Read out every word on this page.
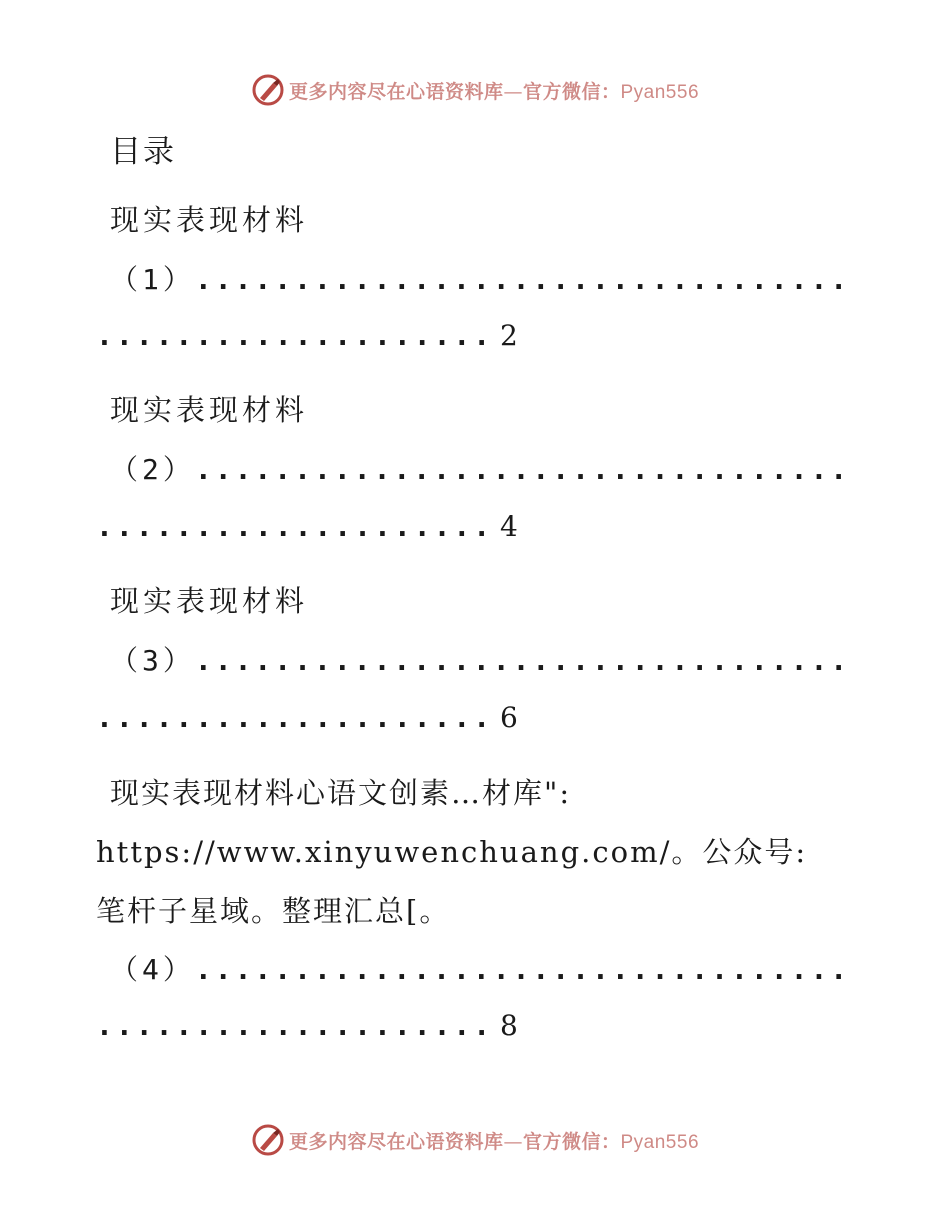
更多内容尽在心语资料库—官方微信：Pyan556
目录
现实表现材料
（1）
.....
.....
2
现实表现材料
（2）
.....
.....
4
现实表现材料
（3）
.....
.....
6
现实表现材料心语文创素…材库": https://www.xinyuwenchuang.com/。公众号: 笔杆子星域。整理汇总[。
（4）
.....
.....
8
更多内容尽在心语资料库—官方微信：Pyan556
